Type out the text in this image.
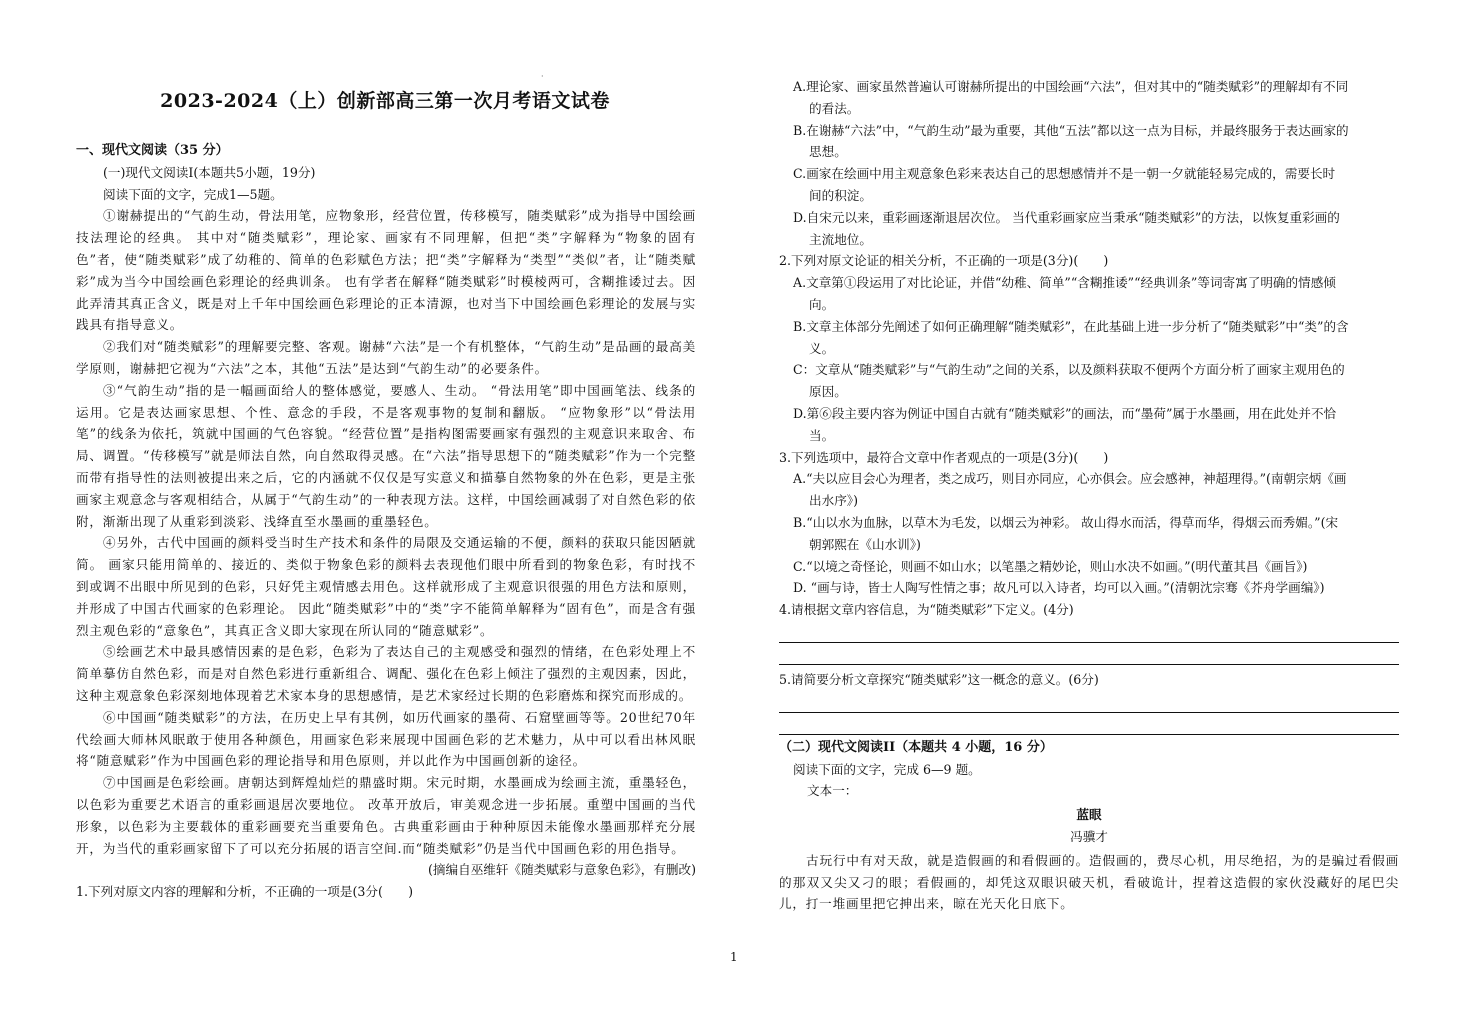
2023-2024（上）创新部高三第一次月考语文试卷
·
一、现代文阅读（35 分）
(一)现代文阅读I(本题共5小题，19分)
阅读下面的文字，完成1—5题。
①谢赫提出的“气韵生动，骨法用笔，应物象形，经营位置，传移模写，随类赋彩”成为指导中国绘画技法理论的经典。 其中对“随类赋彩”，理论家、画家有不同理解，但把“类”字解释为“物象的固有色”者，使“随类赋彩”成了幼稚的、简单的色彩赋色方法；把“类”字解释为“类型”“类似”者，让“随类赋彩”成为当今中国绘画色彩理论的经典训条。 也有学者在解释“随类赋彩”时模棱两可，含糊推诿过去。因此弄清其真正含义，既是对上千年中国绘画色彩理论的正本清源，也对当下中国绘画色彩理论的发展与实践具有指导意义。
②我们对“随类赋彩”的理解要完整、客观。谢赫“六法”是一个有机整体，“气韵生动”是品画的最高美学原则，谢赫把它视为“六法”之本，其他“五法”是达到“气韵生动”的必要条件。
③“气韵生动”指的是一幅画面给人的整体感觉，要感人、生动。 “骨法用笔”即中国画笔法、线条的运用。它是表达画家思想、个性、意念的手段，不是客观事物的复制和翻版。 “应物象形”以“骨法用笔”的线条为依托，筑就中国画的气色容貌。“经营位置”是指构图需要画家有强烈的主观意识来取舍、布局、调置。“传移模写”就是师法自然，向自然取得灵感。在“六法”指导思想下的“随类赋彩”作为一个完整而带有指导性的法则被提出来之后，它的内涵就不仅仅是写实意义和描摹自然物象的外在色彩，更是主张画家主观意念与客观相结合，从属于“气韵生动”的一种表现方法。这样，中国绘画减弱了对自然色彩的依附，渐渐出现了从重彩到淡彩、浅绛直至水墨画的重墨轻色。
④另外，古代中国画的颜料受当时生产技术和条件的局限及交通运输的不便，颜料的获取只能因陋就简。 画家只能用简单的、接近的、类似于物象色彩的颜料去表现他们眼中所看到的物象色彩，有时找不到或调不出眼中所见到的色彩，只好凭主观情感去用色。这样就形成了主观意识很强的用色方法和原则，并形成了中国古代画家的色彩理论。 因此“随类赋彩”中的“类”字不能简单解释为“固有色”，而是含有强烈主观色彩的“意象色”，其真正含义即大家现在所认同的“随意赋彩”。
⑤绘画艺术中最具感情因素的是色彩，色彩为了表达自己的主观感受和强烈的情绪，在色彩处理上不简单摹仿自然色彩，而是对自然色彩进行重新组合、调配、强化在色彩上倾注了强烈的主观因素，因此，这种主观意象色彩深刻地体现着艺术家本身的思想感情，是艺术家经过长期的色彩磨炼和探究而形成的。
⑥中国画“随类赋彩”的方法，在历史上早有其例，如历代画家的墨荷、石窟壁画等等。20世纪70年代绘画大师林风眠敢于使用各种颜色，用画家色彩来展现中国画色彩的艺术魅力，从中可以看出林风眠将“随意赋彩”作为中国画色彩的理论指导和用色原则，并以此作为中国画创新的途径。
⑦中国画是色彩绘画。唐朝达到辉煌灿烂的鼎盛时期。宋元时期，水墨画成为绘画主流，重墨轻色，以色彩为重要艺术语言的重彩画退居次要地位。 改革开放后，审美观念进一步拓展。重塑中国画的当代形象，以色彩为主要载体的重彩画要充当重要角色。古典重彩画由于种种原因未能像水墨画那样充分展开，为当代的重彩画家留下了可以充分拓展的语言空间.而“随类赋彩”仍是当代中国画色彩的用色指导。
(摘编自巫维轩《随类赋彩与意象色彩》，有删改)
1.下列对原文内容的理解和分析，不正确的一项是(3分(　　)
A.理论家、画家虽然普遍认可谢赫所提出的中国绘画“六法”，但对其中的“随类赋彩”的理解却有不同
的看法。
B.在谢赫“六法”中，“气韵生动”最为重要，其他“五法”都以这一点为目标，并最终服务于表达画家的
思想。
C.画家在绘画中用主观意象色彩来表达自己的思想感情并不是一朝一夕就能轻易完成的，需要长时
间的积淀。
D.自宋元以来，重彩画逐渐退居次位。 当代重彩画家应当秉承“随类赋彩”的方法，以恢复重彩画的
主流地位。
2.下列对原文论证的相关分析，不正确的一项是(3分)(　　)
A.文章第①段运用了对比论证，并借“幼稚、简单”“含糊推诿”“经典训条”等词寄寓了明确的情感倾
向。
B.文章主体部分先阐述了如何正确理解“随类赋彩”，在此基础上进一步分析了“随类赋彩”中“类”的含
义。
C：文章从“随类赋彩”与“气韵生动”之间的关系，以及颜料获取不便两个方面分析了画家主观用色的
原因。
D.第⑥段主要内容为例证中国自古就有“随类赋彩”的画法，而“墨荷”属于水墨画，用在此处并不恰
当。
3.下列选项中，最符合文章中作者观点的一项是(3分)(　　)
A.“夫以应目会心为理者，类之成巧，则目亦同应，心亦俱会。应会感神，神超理得。”(南朝宗炳《画
出水序》)
B.“山以水为血脉，以草木为毛发，以烟云为神彩。 故山得水而活，得草而华，得烟云而秀媚。”(宋
朝郭熙在《山水训》)
C.“以境之奇怪论，则画不如山水；以笔墨之精妙论，则山水决不如画。”(明代董其昌《画旨》)
D. “画与诗，皆士人陶写性情之事；故凡可以入诗者，均可以入画。”(清朝沈宗骞《芥舟学画编》)
4.请根据文章内容信息，为“随类赋彩”下定义。(4分)
5.请简要分析文章探究“随类赋彩”这一概念的意义。(6分)
（二）现代文阅读II（本题共 4 小题，16 分）
阅读下面的文字，完成 6—9 题。
文本一：
蓝眼
冯骥才
古玩行中有对天敌，就是造假画的和看假画的。造假画的，费尽心机，用尽绝招，为的是骗过看假画的那双又尖又刁的眼；看假画的，却凭这双眼识破天机，看破诡计，捏着这造假的家伙没藏好的尾巴尖儿，打一堆画里把它抻出来，晾在光天化日底下。
1
